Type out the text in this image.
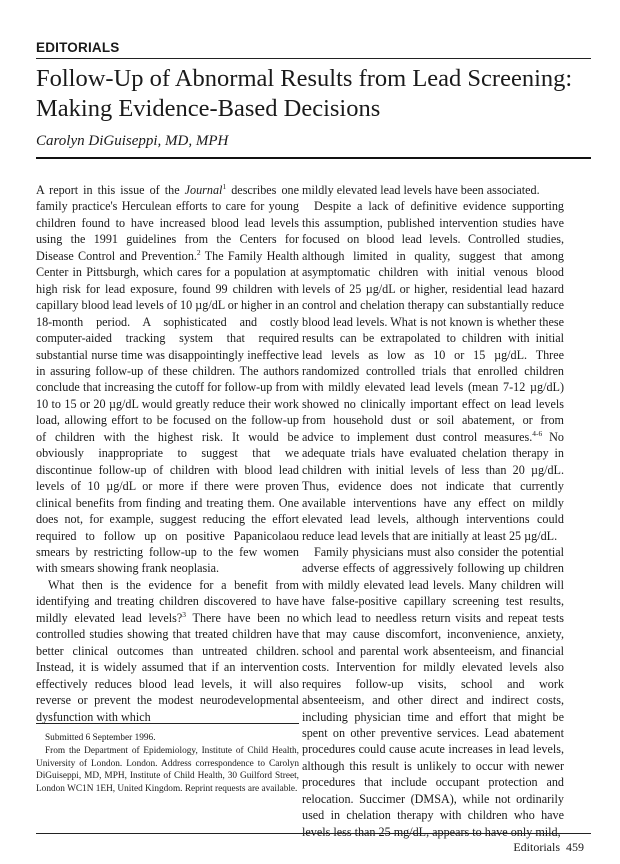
EDITORIALS
Follow-Up of Abnormal Results from Lead Screening: Making Evidence-Based Decisions
Carolyn DiGuiseppi, MD, MPH

A report in this issue of the Journal$^1$ describes one family practice's Herculean efforts to care for young children found to have increased blood lead levels using the 1991 guidelines from the Centers for Disease Control and Prevention.$^2$ The Family Health Center in Pittsburgh, which cares for a population at high risk for lead exposure, found 99 children with capillary blood lead levels of 10 µg/dL or higher in an 18-month period. A sophisticated and costly computer-aided tracking system that required substantial nurse time was disappointingly ineffective in assuring follow-up of these children. The authors conclude that increasing the cutoff for follow-up from 10 to 15 or 20 µg/dL would greatly reduce their work load, allowing effort to be focused on the follow-up of children with the highest risk. It would be obviously inappropriate to suggest that we discontinue follow-up of children with blood lead levels of 10 µg/dL or more if there were proven clinical benefits from finding and treating them. One does not, for example, suggest reducing the effort required to follow up on positive Papanicolaou smears by restricting follow-up to the few women with smears showing frank neoplasia.

What then is the evidence for a benefit from identifying and treating children discovered to have mildly elevated lead levels?$^3$ There have been no controlled studies showing that treated children have better clinical outcomes than untreated children. Instead, it is widely assumed that if an intervention effectively reduces blood lead levels, it will also reverse or prevent the modest neurodevelopmental dysfunction with which

mildly elevated lead levels have been associated.

Despite a lack of definitive evidence supporting this assumption, published intervention studies have focused on blood lead levels. Controlled studies, although limited in quality, suggest that among asymptomatic children with initial venous blood levels of 25 µg/dL or higher, residential lead hazard control and chelation therapy can substantially reduce blood lead levels. What is not known is whether these results can be extrapolated to children with initial lead levels as low as 10 or 15 µg/dL. Three randomized controlled trials that enrolled children with mildly elevated lead levels (mean 7-12 µg/dL) showed no clinically important effect on lead levels from household dust or soil abatement, or from advice to implement dust control measures.$^{4-6}$ No adequate trials have evaluated chelation therapy in children with initial levels of less than 20 µg/dL. Thus, evidence does not indicate that currently available interventions have any effect on mildly elevated lead levels, although interventions could reduce lead levels that are initially at least 25 µg/dL.

Family physicians must also consider the potential adverse effects of aggressively following up children with mildly elevated lead levels. Many children will have false-positive capillary screening test results, which lead to needless return visits and repeat tests that may cause discomfort, inconvenience, anxiety, school and parental work absenteeism, and financial costs. Intervention for mildly elevated levels also requires follow-up visits, school and work absenteeism, and other direct and indirect costs, including physician time and effort that might be spent on other preventive services. Lead abatement procedures could cause acute increases in lead levels, although this result is unlikely to occur with newer procedures that include occupant protection and relocation. Succimer (DMSA), while not ordinarily used in chelation therapy with children who have levels less than 25 mg/dL, appears to have only mild,

Submitted 6 September 1996.

From the Department of Epidemiology, Institute of Child Health, University of London. London. Address correspondence to Carolyn DiGuiseppi, MD, MPH, Institute of Child Health, 30 Guilford Street, London WC1N 1EH, United Kingdom. Reprint requests are available.

Editorials 459
